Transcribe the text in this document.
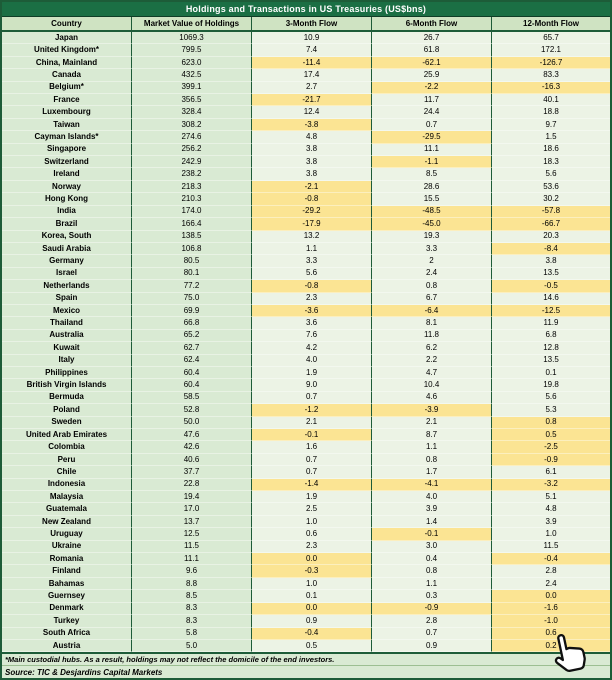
Holdings and Transactions in US Treasuries (US$bns)
Country	Market Value of Holdings	3-Month Flow	6-Month Flow	12-Month Flow
Japan	1069.3	10.9	26.7	65.7
United Kingdom*	799.5	7.4	61.8	172.1
China, Mainland	623.0	-11.4	-62.1	-126.7
Canada	432.5	17.4	25.9	83.3
Belgium*	399.1	2.7	-2.2	-16.3
France	356.5	-21.7	11.7	40.1
Luxembourg	328.4	12.4	24.4	18.8
Taiwan	308.2	-3.8	0.7	9.7
Cayman Islands*	274.6	4.8	-29.5	1.5
Singapore	256.2	3.8	11.1	18.6
Switzerland	242.9	3.8	-1.1	18.3
Ireland	238.2	3.8	8.5	5.6
Norway	218.3	-2.1	28.6	53.6
Hong Kong	210.3	-0.8	15.5	30.2
India	174.0	-29.2	-48.5	-57.8
Brazil	166.4	-17.9	-45.0	-66.7
Korea, South	138.5	13.2	19.3	20.3
Saudi Arabia	106.8	1.1	3.3	-8.4
Germany	80.5	3.3	2	3.8
Israel	80.1	5.6	2.4	13.5
Netherlands	77.2	-0.8	0.8	-0.5
Spain	75.0	2.3	6.7	14.6
Mexico	69.9	-3.6	-6.4	-12.5
Thailand	66.8	3.6	8.1	11.9
Australia	65.2	7.6	11.8	6.8
Kuwait	62.7	4.2	6.2	12.8
Italy	62.4	4.0	2.2	13.5
Philippines	60.4	1.9	4.7	0.1
British Virgin Islands	60.4	9.0	10.4	19.8
Bermuda	58.5	0.7	4.6	5.6
Poland	52.8	-1.2	-3.9	5.3
Sweden	50.0	2.1	2.1	0.8
United Arab Emirates	47.6	-0.1	8.7	0.5
Colombia	42.6	1.6	1.1	-2.5
Peru	40.6	0.7	0.8	-0.9
Chile	37.7	0.7	1.7	6.1
Indonesia	22.8	-1.4	-4.1	-3.2
Malaysia	19.4	1.9	4.0	5.1
Guatemala	17.0	2.5	3.9	4.8
New Zealand	13.7	1.0	1.4	3.9
Uruguay	12.5	0.6	-0.1	1.0
Ukraine	11.5	2.3	3.0	11.5
Romania	11.1	0.0	0.4	-0.4
Finland	9.6	-0.3	0.8	2.8
Bahamas	8.8	1.0	1.1	2.4
Guernsey	8.5	0.1	0.3	0.0
Denmark	8.3	0.0	-0.9	-1.6
Turkey	8.3	0.9	2.8	-1.0
South Africa	5.8	-0.4	0.7	0.6
Austria	5.0	0.5	0.9	0.2
*Main custodial hubs. As a result, holdings may not reflect the domicile of the end investors.
Source: TIC & Desjardins Capital Markets
